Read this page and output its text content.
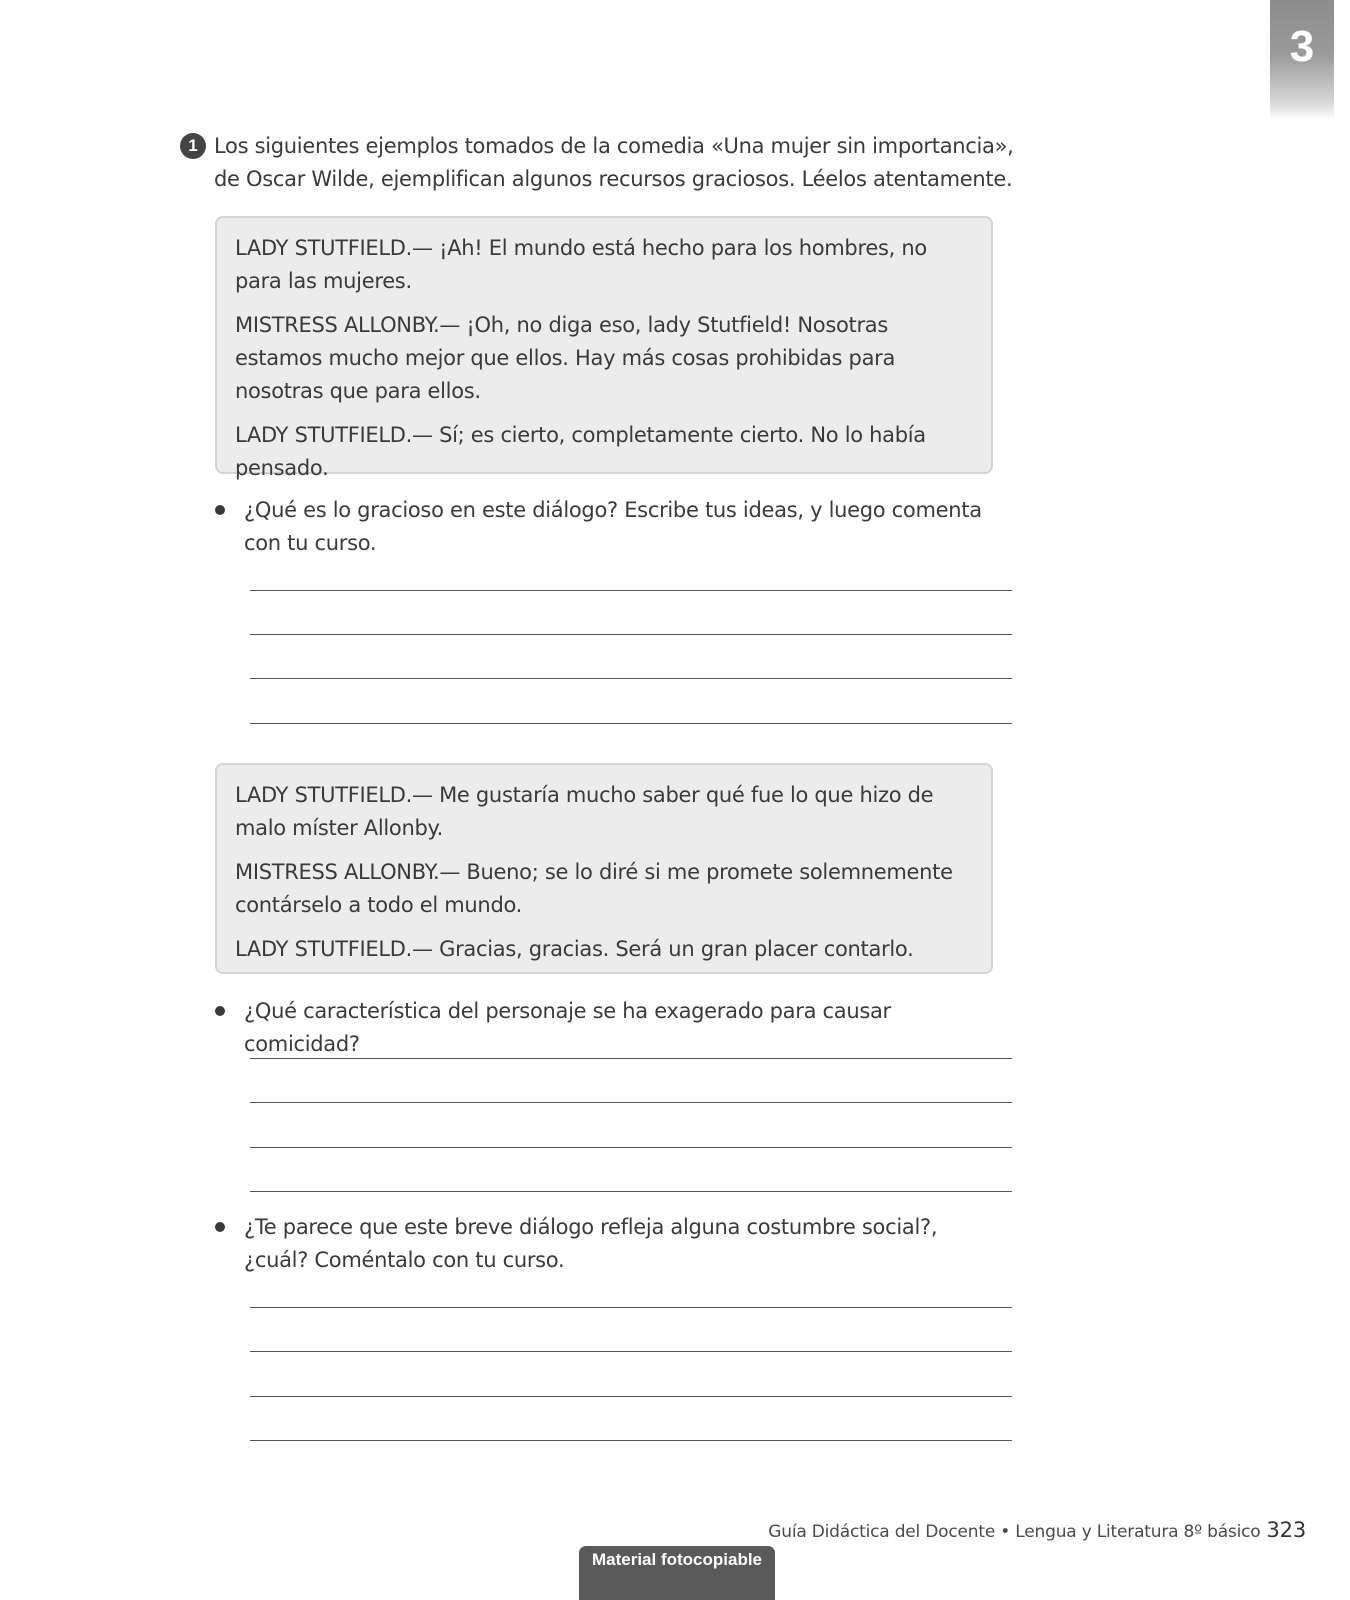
3
1 Los siguientes ejemplos tomados de la comedia «Una mujer sin importancia», de Oscar Wilde, ejemplifican algunos recursos graciosos. Léelos atentamente.

LADY STUTFIELD.— ¡Ah! El mundo está hecho para los hombres, no para las mujeres.

MISTRESS ALLONBY.— ¡Oh, no diga eso, lady Stutfield! Nosotras estamos mucho mejor que ellos. Hay más cosas prohibidas para nosotras que para ellos.

LADY STUTFIELD.— Sí; es cierto, completamente cierto. No lo había pensado.

¿Qué es lo gracioso en este diálogo? Escribe tus ideas, y luego comenta con tu curso.

LADY STUTFIELD.— Me gustaría mucho saber qué fue lo que hizo de malo míster Allonby.

MISTRESS ALLONBY.— Bueno; se lo diré si me promete solemnemente contárselo a todo el mundo.

LADY STUTFIELD.— Gracias, gracias. Será un gran placer contarlo.

¿Qué característica del personaje se ha exagerado para causar comicidad?
¿Te parece que este breve diálogo refleja alguna costumbre social?, ¿cuál? Coméntalo con tu curso.
Guía Didáctica del Docente • Lengua y Literatura 8º básico 323
Material fotocopiable
